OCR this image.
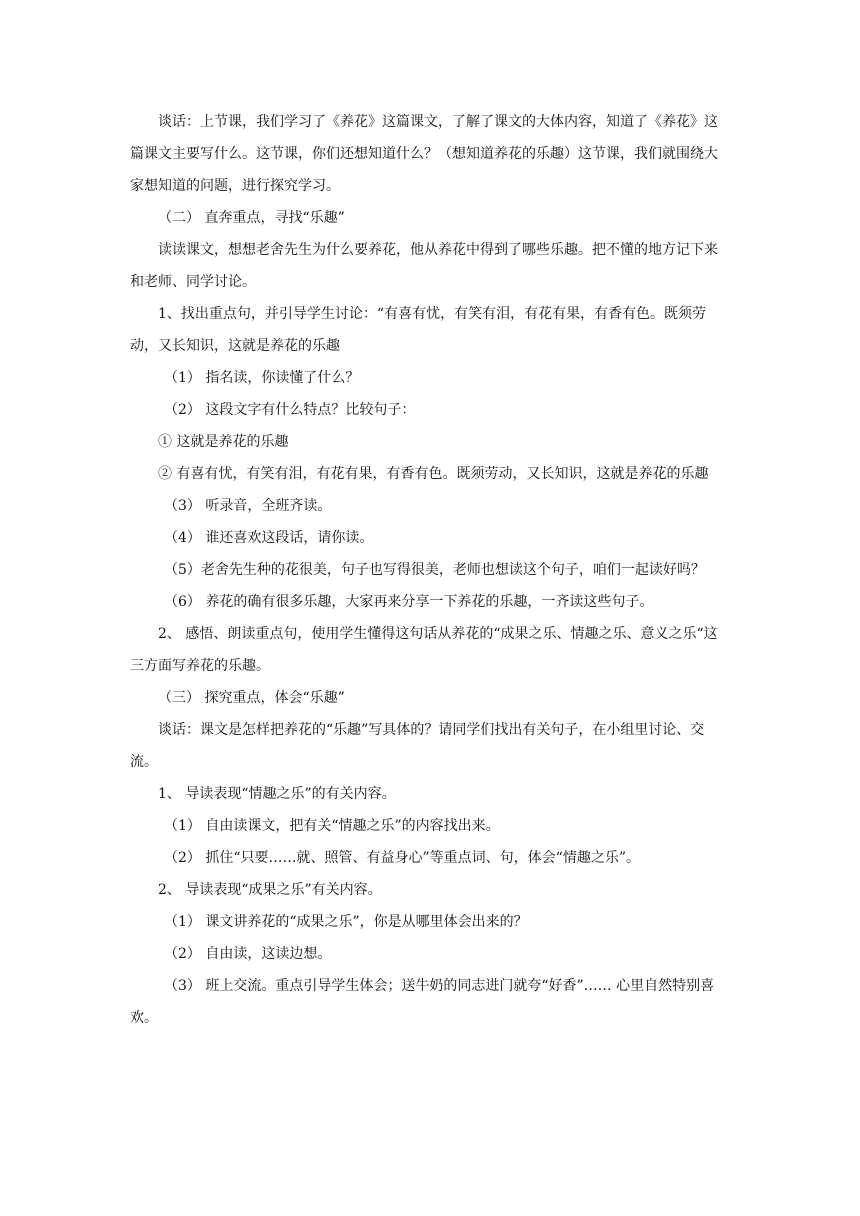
谈话：上节课，我们学习了《养花》这篇课文，了解了课文的大体内容，知道了《养花》这篇课文主要写什么。这节课，你们还想知道什么？（想知道养花的乐趣）这节课，我们就围绕大家想知道的问题，进行探究学习。

（二） 直奔重点，寻找“乐趣”

读读课文，想想老舍先生为什么要养花，他从养花中得到了哪些乐趣。把不懂的地方记下来和老师、同学讨论。

1、找出重点句，并引导学生讨论：“有喜有忧，有笑有泪，有花有果，有香有色。既须劳动，又长知识，这就是养花的乐趣

（1） 指名读，你读懂了什么？

（2） 这段文字有什么特点？比较句子：

① 这就是养花的乐趣

② 有喜有忧，有笑有泪，有花有果，有香有色。既须劳动，又长知识，这就是养花的乐趣

（3） 听录音，全班齐读。

（4） 谁还喜欢这段话，请你读。

（5）老舍先生种的花很美，句子也写得很美，老师也想读这个句子，咱们一起读好吗？

（6） 养花的确有很多乐趣，大家再来分享一下养花的乐趣，一齐读这些句子。

2、 感悟、朗读重点句，使用学生懂得这句话从养花的“成果之乐、情趣之乐、意义之乐“这三方面写养花的乐趣。

（三） 探究重点，体会“乐趣”

谈话：课文是怎样把养花的“乐趣”写具体的？请同学们找出有关句子，在小组里讨论、交流。

1、 导读表现“情趣之乐”的有关内容。

（1） 自由读课文，把有关“情趣之乐”的内容找出来。

（2） 抓住“只要……就、照管、有益身心”等重点词、句，体会“情趣之乐”。

2、 导读表现“成果之乐”有关内容。

（1） 课文讲养花的“成果之乐”，你是从哪里体会出来的？

（2） 自由读，这读边想。

（3） 班上交流。重点引导学生体会；送牛奶的同志进门就夸“好香”…… 心里自然特别喜欢。
